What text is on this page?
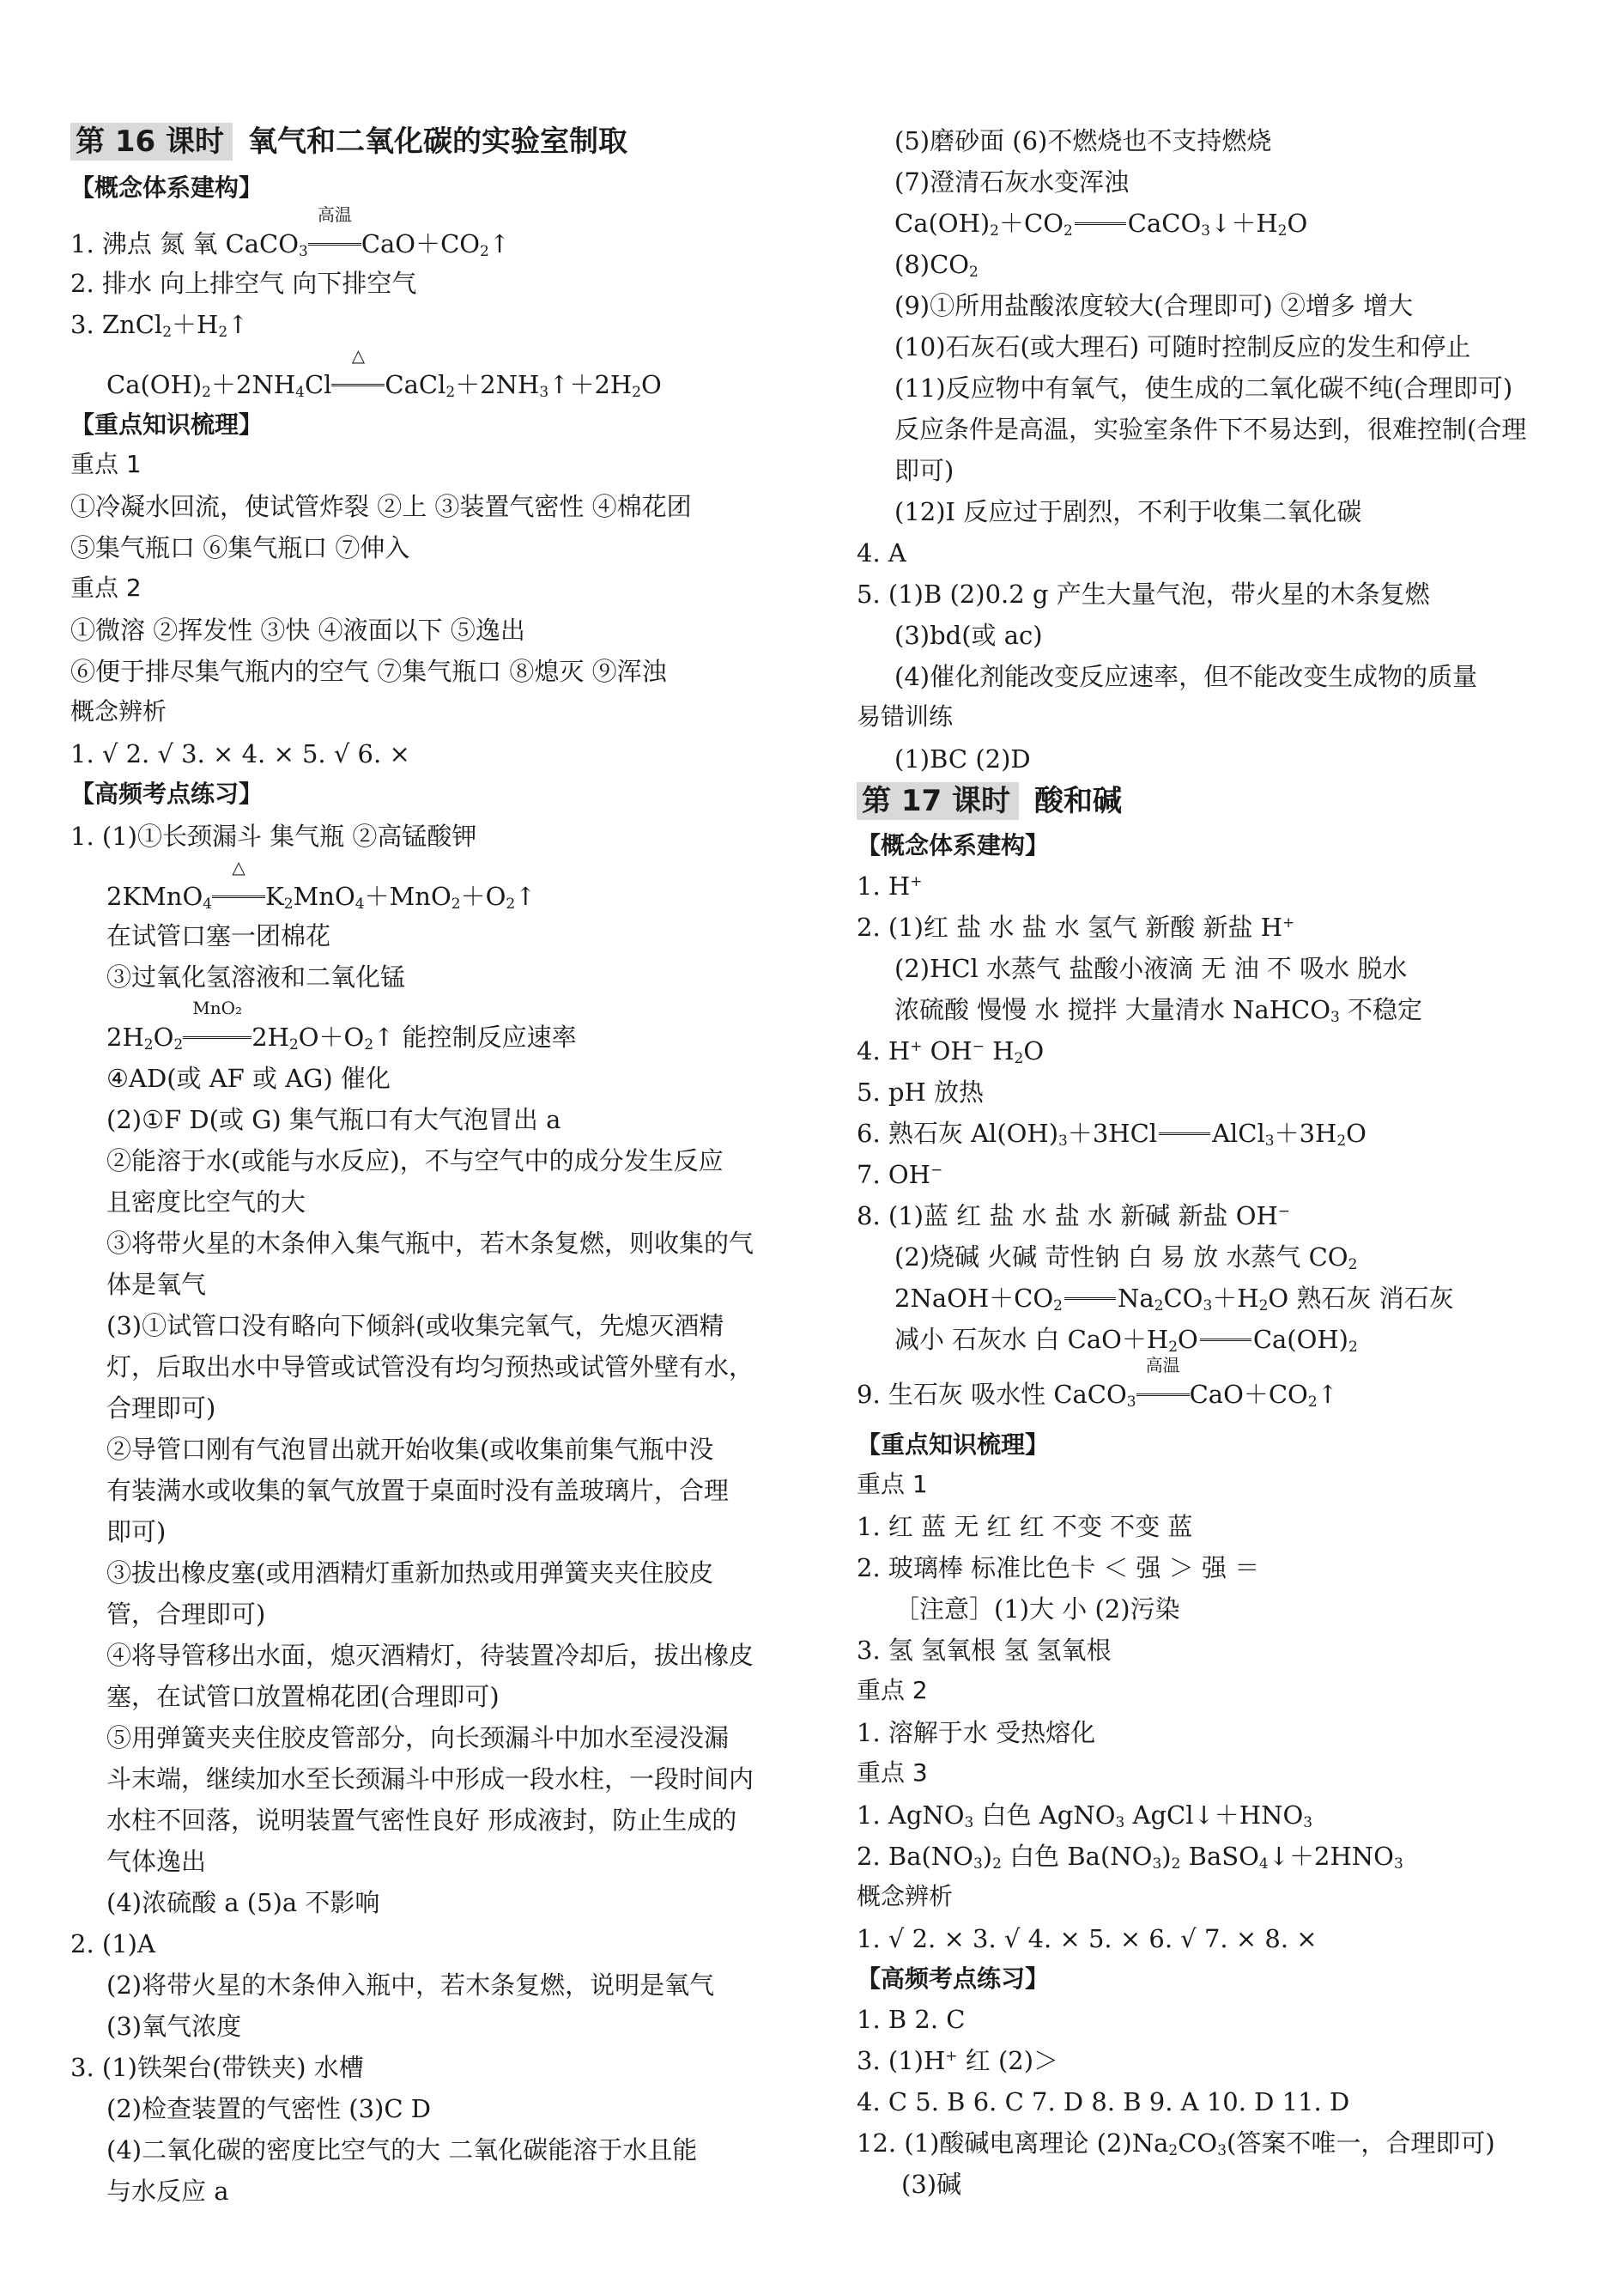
第 16 课时 氧气和二氧化碳的实验室制取
【概念体系建构】
1. 沸点 氮 氧 CaCO$_3$
高温
$CaO+CO_2↑$
2. 排水 向上排空气 向下排空气
3. $ZnCl_2+H_2↑$
$Ca(OH)_2+2NH_4Cl$
△
$CaCl_2+2NH_3↑+2H_2O$
【重点知识梳理】
重点 1
①冷凝水回流，使试管炸裂 ②上 ③装置气密性 ④棉花团
⑤集气瓶口 ⑥集气瓶口 ⑦伸入
重点 2
①微溶 ②挥发性 ③快 ④液面以下 ⑤逸出
⑥便于排尽集气瓶内的空气 ⑦集气瓶口 ⑧熄灭 ⑨浑浊
概念辨析
1. √ 2. √ 3. × 4. × 5. √ 6. ×
【高频考点练习】
1. (1)①长颈漏斗 集气瓶 ②高锰酸钾
2KMnO$_4$
△
$K_2MnO_4+MnO_2+O_2↑$
在试管口塞一团棉花
③过氧化氢溶液和二氧化锰
$2H_2O_2$
MnO₂
$2H_2O+O_2↑$ 能控制反应速率
④AD(或 AF 或 AG) 催化
(2)①F D(或 G) 集气瓶口有大气泡冒出 a
②能溶于水(或能与水反应)，不与空气中的成分发生反应
且密度比空气的大
③将带火星的木条伸入集气瓶中，若木条复燃，则收集的气
体是氧气
(3)①试管口没有略向下倾斜(或收集完氧气，先熄灭酒精
灯，后取出水中导管或试管没有均匀预热或试管外壁有水，
合理即可)
②导管口刚有气泡冒出就开始收集(或收集前集气瓶中没
有装满水或收集的氧气放置于桌面时没有盖玻璃片，合理
即可)
③拔出橡皮塞(或用酒精灯重新加热或用弹簧夹夹住胶皮
管，合理即可)
④将导管移出水面，熄灭酒精灯，待装置冷却后，拔出橡皮
塞，在试管口放置棉花团(合理即可)
⑤用弹簧夹夹住胶皮管部分，向长颈漏斗中加水至浸没漏
斗末端，继续加水至长颈漏斗中形成一段水柱，一段时间内
水柱不回落，说明装置气密性良好 形成液封，防止生成的
气体逸出
(4)浓硫酸 a (5)a 不影响
2. (1)A
(2)将带火星的木条伸入瓶中，若木条复燃，说明是氧气
(3)氧气浓度
3. (1)铁架台(带铁夹) 水槽
(2)检查装置的气密性 (3)C D
(4)二氧化碳的密度比空气的大 二氧化碳能溶于水且能
与水反应 a
(5)磨砂面 (6)不燃烧也不支持燃烧
(7)澄清石灰水变浑浊
$Ca(OH)_2+CO_2$ $CaCO_3↓+H_2O$
$(8)CO_2$
(9)①所用盐酸浓度较大(合理即可) ②增多 增大
(10)石灰石(或大理石) 可随时控制反应的发生和停止
(11)反应物中有氧气，使生成的二氧化碳不纯(合理即可)
反应条件是高温，实验室条件下不易达到，很难控制(合理
即可)
(12)Ⅰ 反应过于剧烈，不利于收集二氧化碳
4. A
5. (1)B (2)0.2 g 产生大量气泡，带火星的木条复燃
(3)bd(或 ac)
(4)催化剂能改变反应速率，但不能改变生成物的质量
易错训练
(1)BC (2)D
第 17 课时 酸和碱
【概念体系建构】
1. H+
2. (1)红 盐 水 盐 水 氢气 新酸 新盐 H+
(2)HCl 水蒸气 盐酸小液滴 无 油 不 吸水 脱水
浓硫酸 慢慢 水 搅拌 大量清水 NaHCO$_3$ 不稳定
4. H+ OH− $H_2O$
5. pH 放热
6. 熟石灰 $Al(OH)_3+3HCl$ $AlCl_3+3H_2O$
7. OH−
8. (1)蓝 红 盐 水 盐 水 新碱 新盐 OH−
(2)烧碱 火碱 苛性钠 白 易 放 水蒸气 $CO_2$
$2NaOH+CO_2$ $Na_2CO_3+H_2O$ 熟石灰 消石灰
减小 石灰水 白 $CaO+H_2O$ $Ca(OH)_2$
9. 生石灰 吸水性 CaCO$_3$
高温
$CaO+CO_2↑$
【重点知识梳理】
重点 1
1. 红 蓝 无 红 红 不变 不变 蓝
2. 玻璃棒 标准比色卡 ＜ 强 ＞ 强 ＝
［注意］(1)大 小 (2)污染
3. 氢 氢氧根 氢 氢氧根
重点 2
1. 溶解于水 受热熔化
重点 3
1. AgNO$_3$ 白色 AgNO$_3$ $AgCl↓+HNO_3$
2. $Ba(NO_3)_2$ 白色 $Ba(NO_3)_2$ $BaSO_4↓+2HNO_3$
概念辨析
1. √ 2. × 3. √ 4. × 5. × 6. √ 7. × 8. ×
【高频考点练习】
1. B 2. C
3. (1)H+ 红 (2)＞
4. C 5. B 6. C 7. D 8. B 9. A 10. D 11. D
12. (1)酸碱电离理论 $(2)Na_2CO_3$(答案不唯一，合理即可)
(3)碱
